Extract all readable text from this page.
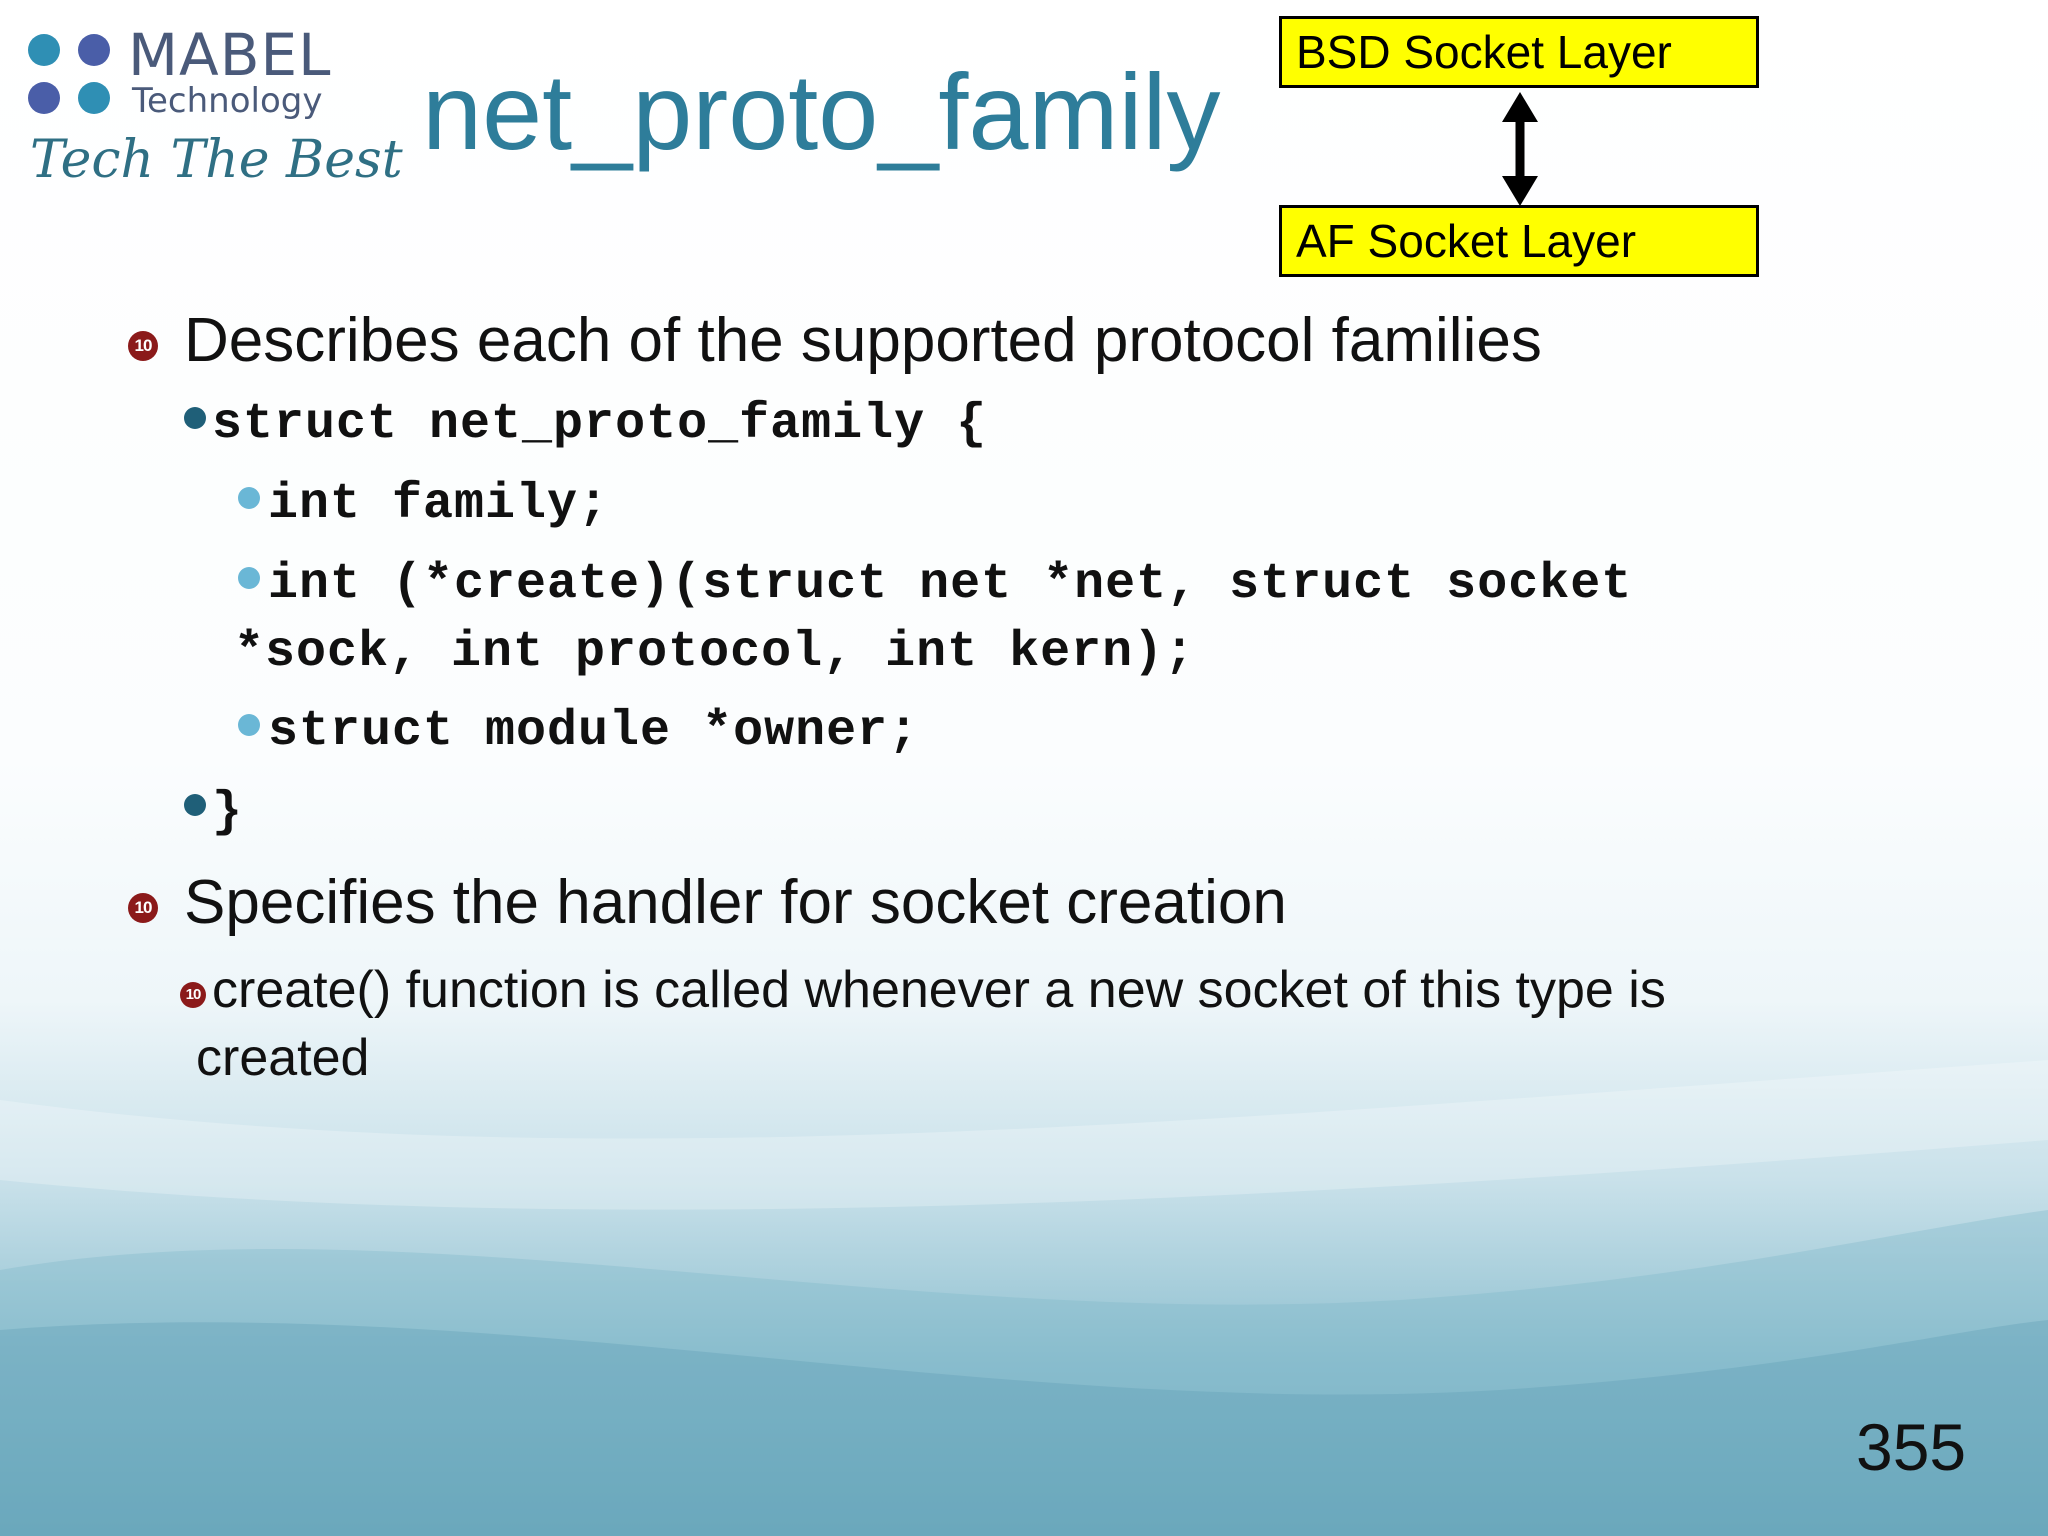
MABEL
Technology
Tech The Best net_proto_family	BSD Socket Layer
AF Socket Layer
10 Describes each of the supported protocol families
struct net_proto_family {
int family;
int (*create)(struct net *net, struct socket
*sock, int protocol, int kern);
struct module *owner;
}
10 Specifies the handler for socket creation
10 create() function is called whenever a new socket of this type is
created
355
